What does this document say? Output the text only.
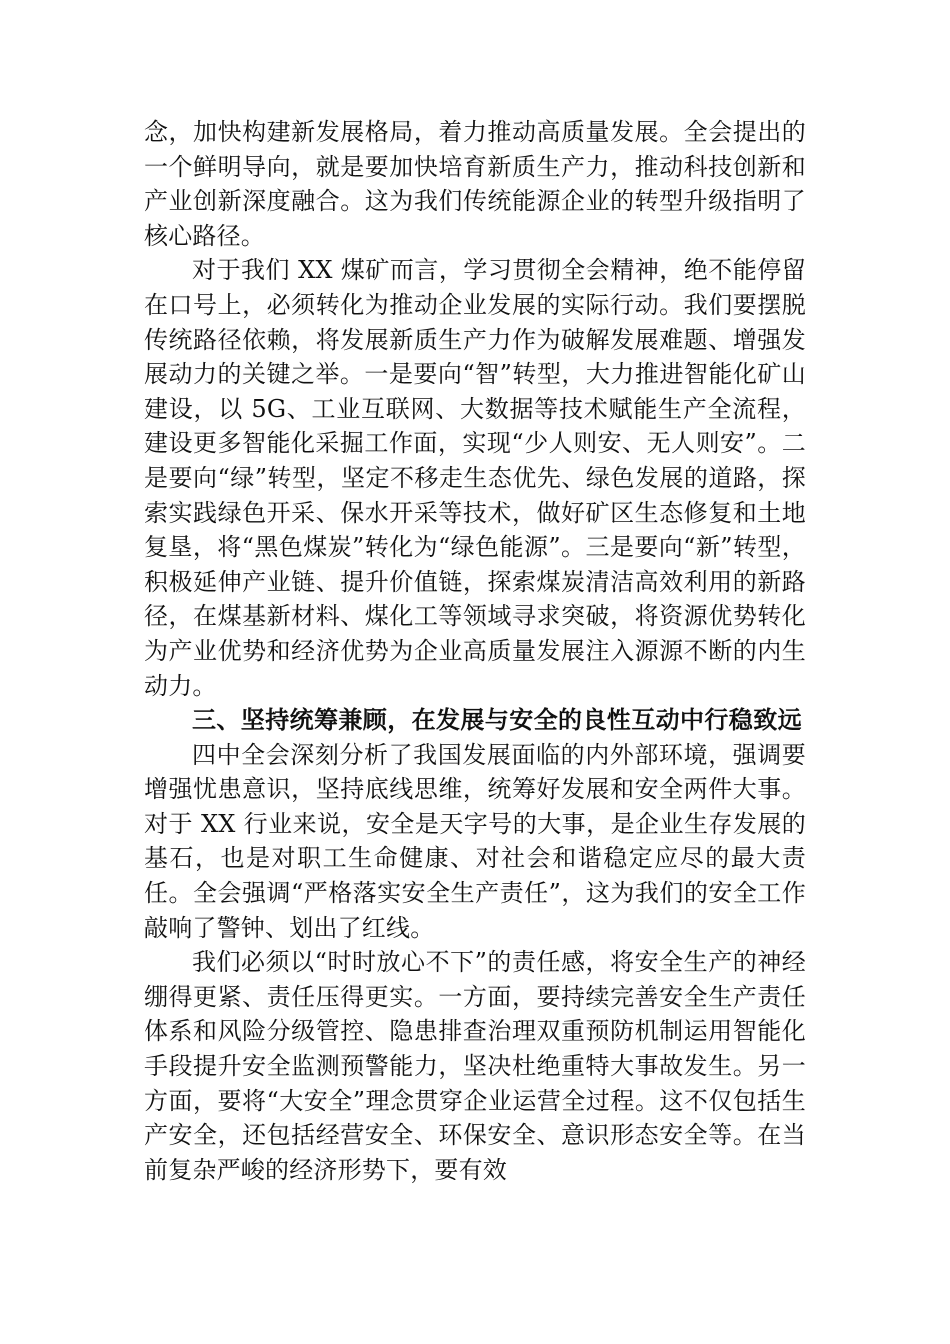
念，加快构建新发展格局，着力推动高质量发展。全会提出的一个鲜明导向，就是要加快培育新质生产力，推动科技创新和产业创新深度融合。这为我们传统能源企业的转型升级指明了核心路径。

对于我们 XX 煤矿而言，学习贯彻全会精神，绝不能停留在口号上，必须转化为推动企业发展的实际行动。我们要摆脱传统路径依赖，将发展新质生产力作为破解发展难题、增强发展动力的关键之举。一是要向“智”转型，大力推进智能化矿山建设，以 5G、工业互联网、大数据等技术赋能生产全流程，建设更多智能化采掘工作面，实现“少人则安、无人则安”。二是要向“绿”转型，坚定不移走生态优先、绿色发展的道路，探索实践绿色开采、保水开采等技术，做好矿区生态修复和土地复垦，将“黑色煤炭”转化为“绿色能源”。三是要向“新”转型，积极延伸产业链、提升价值链，探索煤炭清洁高效利用的新路径，在煤基新材料、煤化工等领域寻求突破，将资源优势转化为产业优势和经济优势为企业高质量发展注入源源不断的内生动力。

三、坚持统筹兼顾，在发展与安全的良性互动中行稳致远

四中全会深刻分析了我国发展面临的内外部环境，强调要增强忧患意识，坚持底线思维，统筹好发展和安全两件大事。对于 XX 行业来说，安全是天字号的大事，是企业生存发展的基石，也是对职工生命健康、对社会和谐稳定应尽的最大责任。全会强调“严格落实安全生产责任”，这为我们的安全工作敲响了警钟、划出了红线。

我们必须以“时时放心不下”的责任感，将安全生产的神经绷得更紧、责任压得更实。一方面，要持续完善安全生产责任体系和风险分级管控、隐患排查治理双重预防机制运用智能化手段提升安全监测预警能力，坚决杜绝重特大事故发生。另一方面，要将“大安全”理念贯穿企业运营全过程。这不仅包括生产安全，还包括经营安全、环保安全、意识形态安全等。在当前复杂严峻的经济形势下，要有效
